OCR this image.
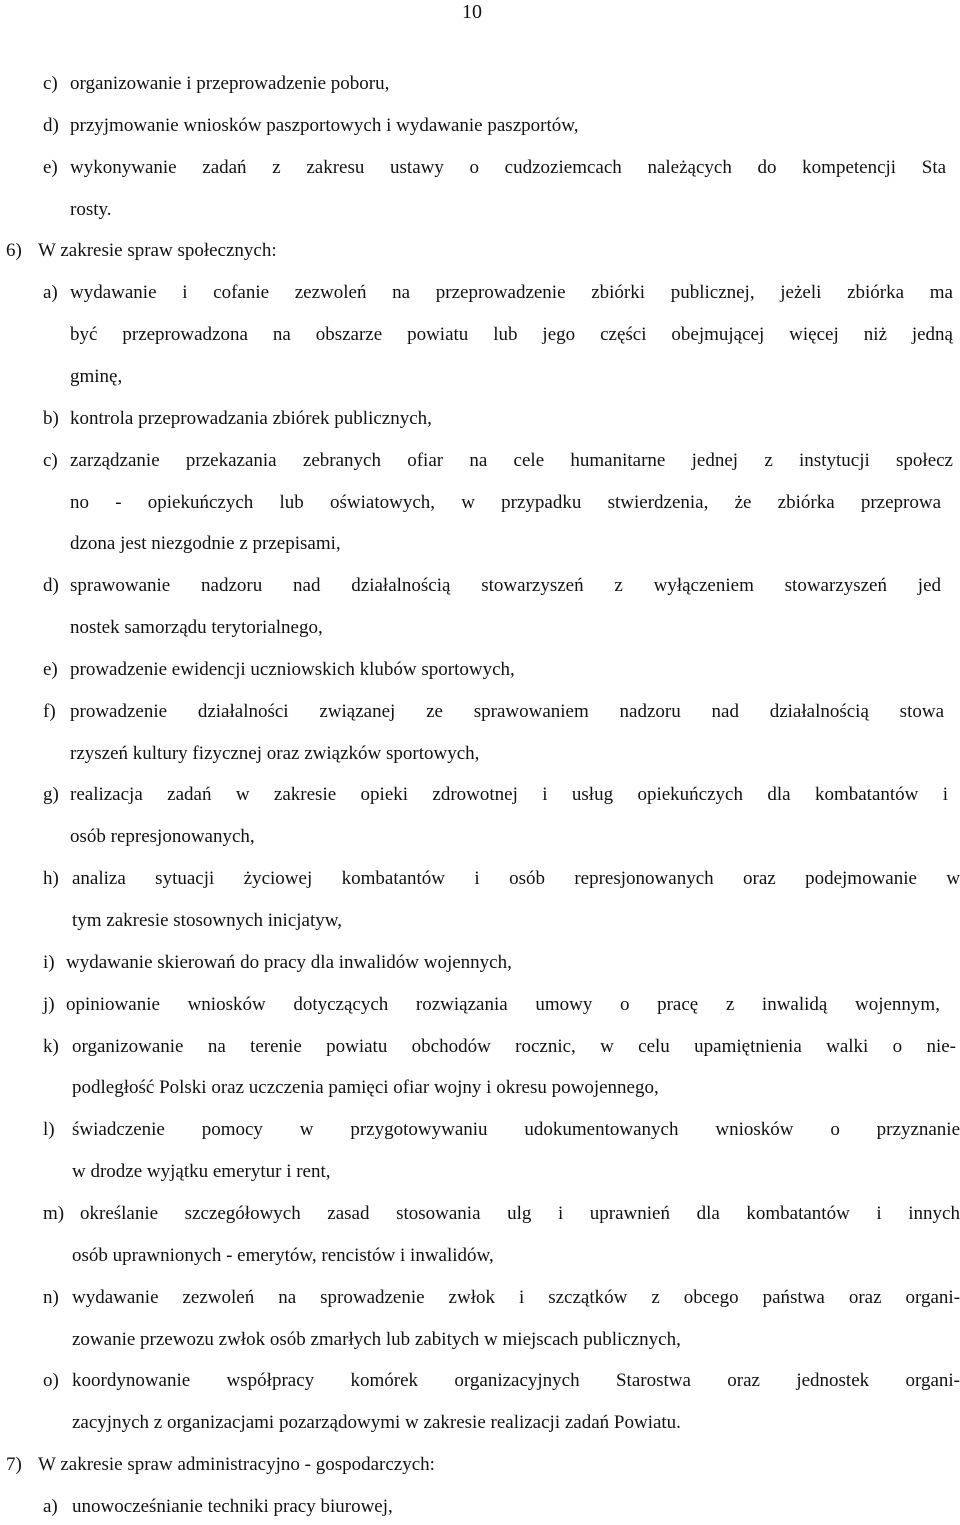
10
c) organizowanie i przeprowadzenie poboru,
d) przyjmowanie wniosków paszportowych i wydawanie paszportów,
e) wykonywanie zadań z zakresu ustawy o cudzoziemcach należących do kompetencji Sta
rosty.
6) W zakresie spraw społecznych:
a) wydawanie i cofanie zezwoleń na przeprowadzenie zbiórki publicznej, jeżeli zbiórka ma
być przeprowadzona na obszarze powiatu lub jego części obejmującej więcej niż jedną
gminę,
b) kontrola przeprowadzania zbiórek publicznych,
c) zarządzanie przekazania zebranych ofiar na cele humanitarne jednej z instytucji społecz
no - opiekuńczych lub oświatowych, w przypadku stwierdzenia, że zbiórka przeprowa
dzona jest niezgodnie z przepisami,
d) sprawowanie nadzoru nad działalnością stowarzyszeń z wyłączeniem stowarzyszeń jed
nostek samorządu terytorialnego,
e) prowadzenie ewidencji uczniowskich klubów sportowych,
f) prowadzenie działalności związanej ze sprawowaniem nadzoru nad działalnością stowa
rzyszeń kultury fizycznej oraz związków sportowych,
g) realizacja zadań w zakresie opieki zdrowotnej i usług opiekuńczych dla kombatantów i
osób represjonowanych,
h) analiza sytuacji życiowej kombatantów i osób represjonowanych oraz podejmowanie w
tym zakresie stosownych inicjatyw,
i) wydawanie skierowań do pracy dla inwalidów wojennych,
j) opiniowanie wniosków dotyczących rozwiązania umowy o pracę z inwalidą wojennym,
k) organizowanie na terenie powiatu obchodów rocznic, w celu upamiętnienia walki o nie-
podległość Polski oraz uczczenia pamięci ofiar wojny i okresu powojennego,
l) świadczenie pomocy w przygotowywaniu udokumentowanych wniosków o przyznanie
w drodze wyjątku emerytur i rent,
m) określanie szczegółowych zasad stosowania ulg i uprawnień dla kombatantów i innych
osób uprawnionych - emerytów, rencistów i inwalidów,
n) wydawanie zezwoleń na sprowadzenie zwłok i szczątków z obcego państwa oraz organi-
zowanie przewozu zwłok osób zmarłych lub zabitych w miejscach publicznych,
o) koordynowanie współpracy komórek organizacyjnych Starostwa oraz jednostek organi-
zacyjnych z organizacjami pozarządowymi w zakresie realizacji zadań Powiatu.
7) W zakresie spraw administracyjno - gospodarczych:
a) unowocześnianie techniki pracy biurowej,
